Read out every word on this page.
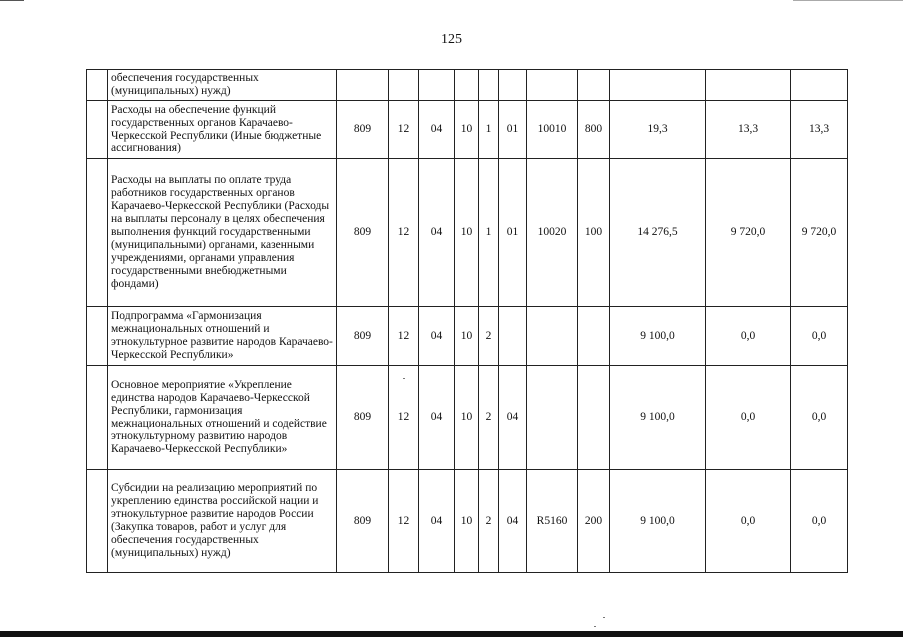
125
	обеспечения государственных (муниципальных) нужд)											
	Расходы на обеспечение функций государственных органов Карачаево-Черкесской Республики (Иные бюджетные ассигнования)	809	12	04	10	1	01	10010	800	19,3	13,3	13,3
	Расходы на выплаты по оплате труда работников государственных органов Карачаево-Черкесской Республики (Расходы на выплаты персоналу в целях обеспечения выполнения функций государственными (муниципальными) органами, казенными учреждениями, органами управления государственными внебюджетными фондами)	809	12	04	10	1	01	10020	100	14 276,5	9 720,0	9 720,0
	Подпрограмма «Гармонизация межнациональных отношений и этнокультурное развитие народов Карачаево-Черкесской Республики»	809	12	04	10	2				9 100,0	0,0	0,0
	Основное мероприятие «Укрепление единства народов Карачаево-Черкесской Республики, гармонизация межнациональных отношений и содействие этнокультурному развитию народов Карачаево-Черкесской Республики»	809	12	04	10	2	04			9 100,0	0,0	0,0
	Субсидии на реализацию мероприятий по укреплению единства российской нации и этнокультурное развитие народов России (Закупка товаров, работ и услуг для обеспечения государственных (муниципальных) нужд)	809	12	04	10	2	04	R5160	200	9 100,0	0,0	0,0
